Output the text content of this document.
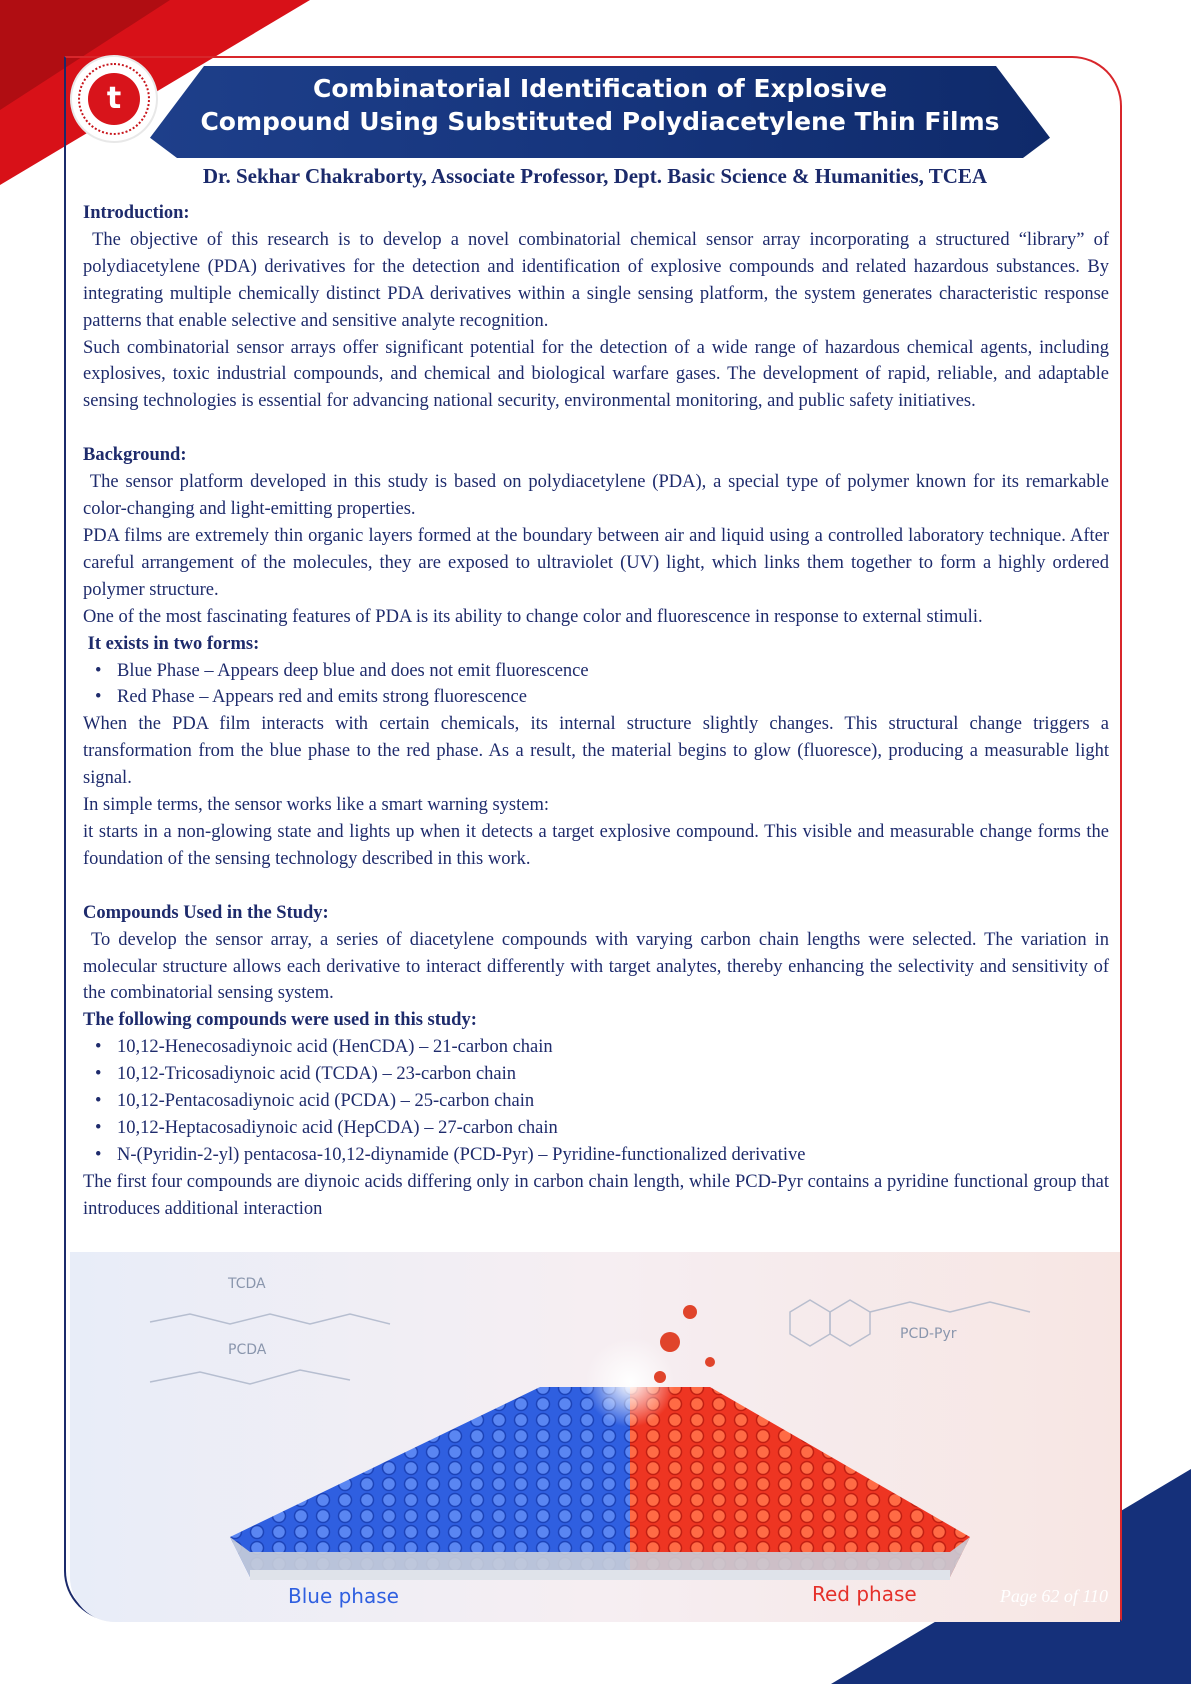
Combinatorial Identification of Explosive
Compound Using Substituted Polydiacetylene Thin Films
t
Dr. Sekhar Chakraborty, Associate Professor, Dept. Basic Science & Humanities, TCEA

Introduction:

The objective of this research is to develop a novel combinatorial chemical sensor array incorporating a structured “library” of polydiacetylene (PDA) derivatives for the detection and identification of explosive compounds and related hazardous substances. By integrating multiple chemically distinct PDA derivatives within a single sensing platform, the system generates characteristic response patterns that enable selective and sensitive analyte recognition.

Such combinatorial sensor arrays offer significant potential for the detection of a wide range of hazardous chemical agents, including explosives, toxic industrial compounds, and chemical and biological warfare gases. The development of rapid, reliable, and adaptable sensing technologies is essential for advancing national security, environmental monitoring, and public safety initiatives.

Background:

The sensor platform developed in this study is based on polydiacetylene (PDA), a special type of polymer known for its remarkable color-changing and light-emitting properties.

PDA films are extremely thin organic layers formed at the boundary between air and liquid using a controlled laboratory technique. After careful arrangement of the molecules, they are exposed to ultraviolet (UV) light, which links them together to form a highly ordered polymer structure.

One of the most fascinating features of PDA is its ability to change color and fluorescence in response to external stimuli.

It exists in two forms:

• Blue Phase – Appears deep blue and does not emit fluorescence
• Red Phase – Appears red and emits strong fluorescence

When the PDA film interacts with certain chemicals, its internal structure slightly changes. This structural change triggers a transformation from the blue phase to the red phase. As a result, the material begins to glow (fluoresce), producing a measurable light signal.

In simple terms, the sensor works like a smart warning system:

it starts in a non-glowing state and lights up when it detects a target explosive compound. This visible and measurable change forms the foundation of the sensing technology described in this work.

Compounds Used in the Study:

To develop the sensor array, a series of diacetylene compounds with varying carbon chain lengths were selected. The variation in molecular structure allows each derivative to interact differently with target analytes, thereby enhancing the selectivity and sensitivity of the combinatorial sensing system.

The following compounds were used in this study:

• 10,12-Henecosadiynoic acid (HenCDA) – 21-carbon chain
• 10,12-Tricosadiynoic acid (TCDA) – 23-carbon chain
• 10,12-Pentacosadiynoic acid (PCDA) – 25-carbon chain
• 10,12-Heptacosadiynoic acid (HepCDA) – 27-carbon chain
• N-(Pyridin-2-yl) pentacosa-10,12-diynamide (PCD-Pyr) – Pyridine-functionalized derivative

The first four compounds are diynoic acids differing only in carbon chain length, while PCD-Pyr contains a pyridine functional group that introduces additional interaction

TCDA
PCDA
PCD-Pyr
Blue phase	Red phase	Page 62 of 110
